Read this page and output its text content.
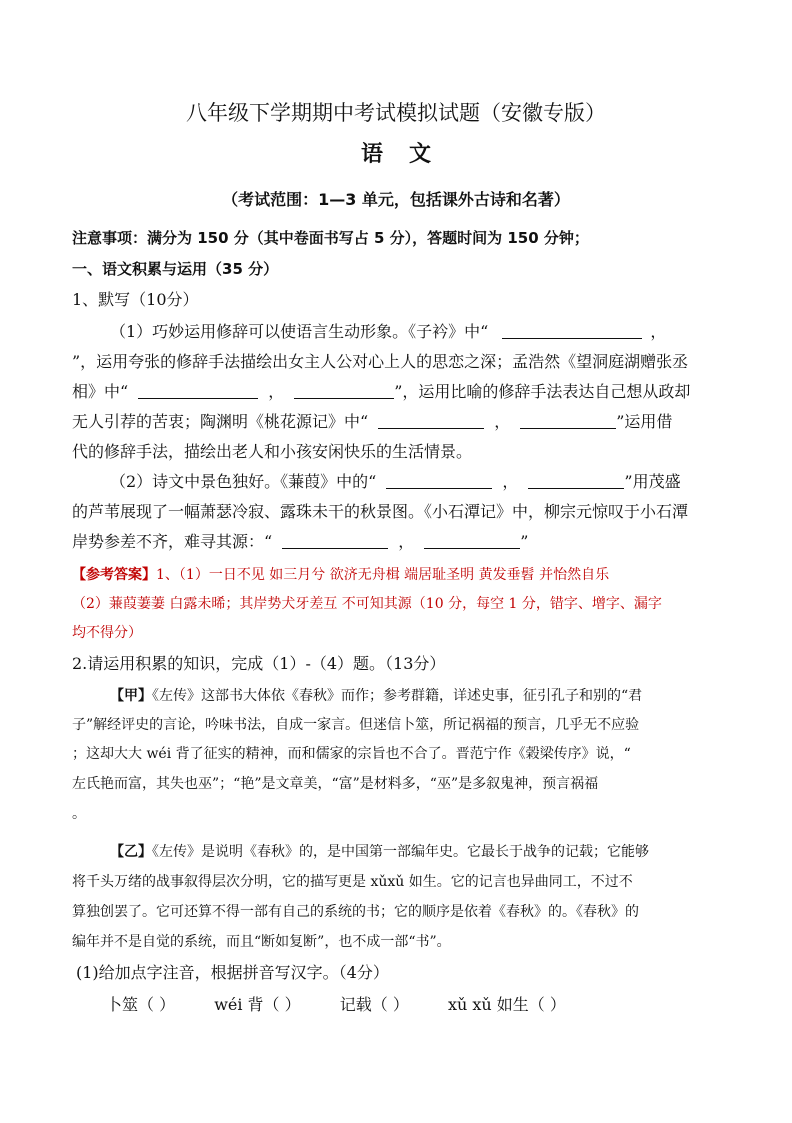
八年级下学期期中考试模拟试题（安徽专版）
语文
（考试范围：1—3 单元，包括课外古诗和名著）
注意事项：满分为 150 分（其中卷面书写占 5 分），答题时间为 150 分钟；
一、语文积累与运用（35 分）
1、默写（10分）
（1）巧妙运用修辞可以使语言生动形象。《子衿》中“	，
”，运用夸张的修辞手法描绘出女主人公对心上人的思恋之深；孟浩然《望洞庭湖赠张丞
相》中“	，	”，运用比喻的修辞手法表达自己想从政却
无人引荐的苦衷；陶渊明《桃花源记》中“	，	”运用借
代的修辞手法，描绘出老人和小孩安闲快乐的生活情景。
（2）诗文中景色独好。《蒹葭》中的“	，	”用茂盛
的芦苇展现了一幅萧瑟冷寂、露珠未干的秋景图。《小石潭记》中，柳宗元惊叹于小石潭
岸势参差不齐，难寻其源：“	，	”
【参考答案】1、（1）一日不见 如三月兮 欲济无舟楫 端居耻圣明 黄发垂髫 并怡然自乐
（2）蒹葭萋萋 白露未晞；其岸势犬牙差互 不可知其源（10 分，每空 1 分，错字、增字、漏字
均不得分）
2.请运用积累的知识，完成（1）-（4）题。（13分）
【甲】《左传》这部书大体依《春秋》而作；参考群籍，详述史事，征引孔子和别的“君
子”解经评史的言论，吟味书法，自成一家言。但迷信卜筮，所记祸福的预言，几乎无不应验
；这却大大 wéi 背了征实的精神，而和儒家的宗旨也不合了。晋范宁作《榖梁传序》说，“
左氏艳而富，其失也巫”；“艳”是文章美，“富”是材料多，“巫”是多叙鬼神，预言祸福
。
【乙】《左传》是说明《春秋》的，是中国第一部编年史。它最长于战争的记载；它能够
将千头万绪的战事叙得层次分明，它的描写更是 xǔxǔ 如生。它的记言也异曲同工，不过不
算独创罢了。它可还算不得一部有自己的系统的书；它的顺序是依着《春秋》的。《春秋》的
编年并不是自觉的系统，而且“断如复断”，也不成一部“书”。
(1)给加点字注音，根据拼音写汉字。（4分）
卜筮（ ） wéi 背（ ） 记载（ ） xǔ xǔ 如生（ ）
